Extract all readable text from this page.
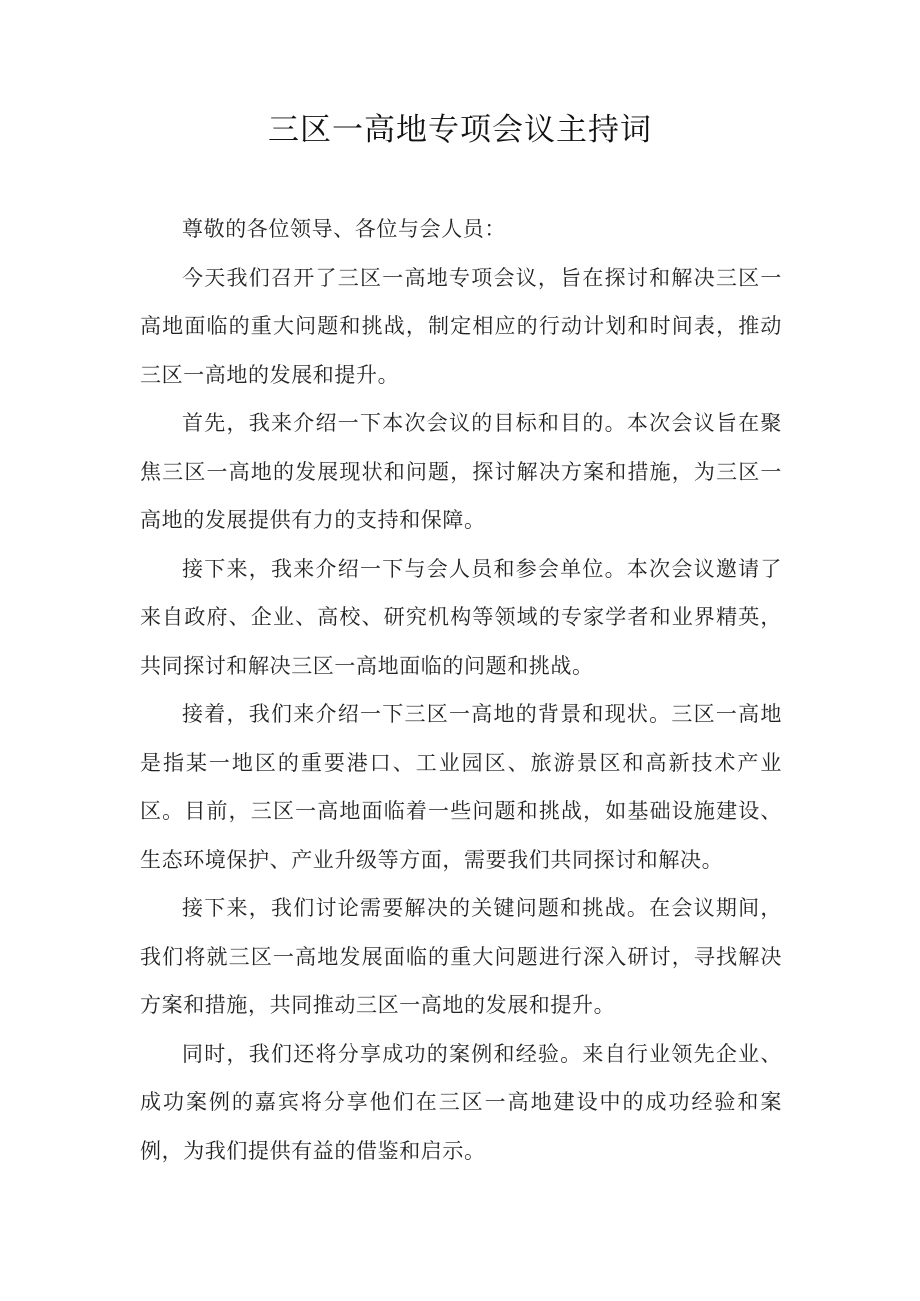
三区一高地专项会议主持词

尊敬的各位领导、各位与会人员：

今天我们召开了三区一高地专项会议，旨在探讨和解决三区一高地面临的重大问题和挑战，制定相应的行动计划和时间表，推动三区一高地的发展和提升。

首先，我来介绍一下本次会议的目标和目的。本次会议旨在聚焦三区一高地的发展现状和问题，探讨解决方案和措施，为三区一高地的发展提供有力的支持和保障。

接下来，我来介绍一下与会人员和参会单位。本次会议邀请了来自政府、企业、高校、研究机构等领域的专家学者和业界精英，共同探讨和解决三区一高地面临的问题和挑战。

接着，我们来介绍一下三区一高地的背景和现状。三区一高地是指某一地区的重要港口、工业园区、旅游景区和高新技术产业区。目前，三区一高地面临着一些问题和挑战，如基础设施建设、生态环境保护、产业升级等方面，需要我们共同探讨和解决。

接下来，我们讨论需要解决的关键问题和挑战。在会议期间，我们将就三区一高地发展面临的重大问题进行深入研讨，寻找解决方案和措施，共同推动三区一高地的发展和提升。

同时，我们还将分享成功的案例和经验。来自行业领先企业、成功案例的嘉宾将分享他们在三区一高地建设中的成功经验和案例，为我们提供有益的借鉴和启示。
